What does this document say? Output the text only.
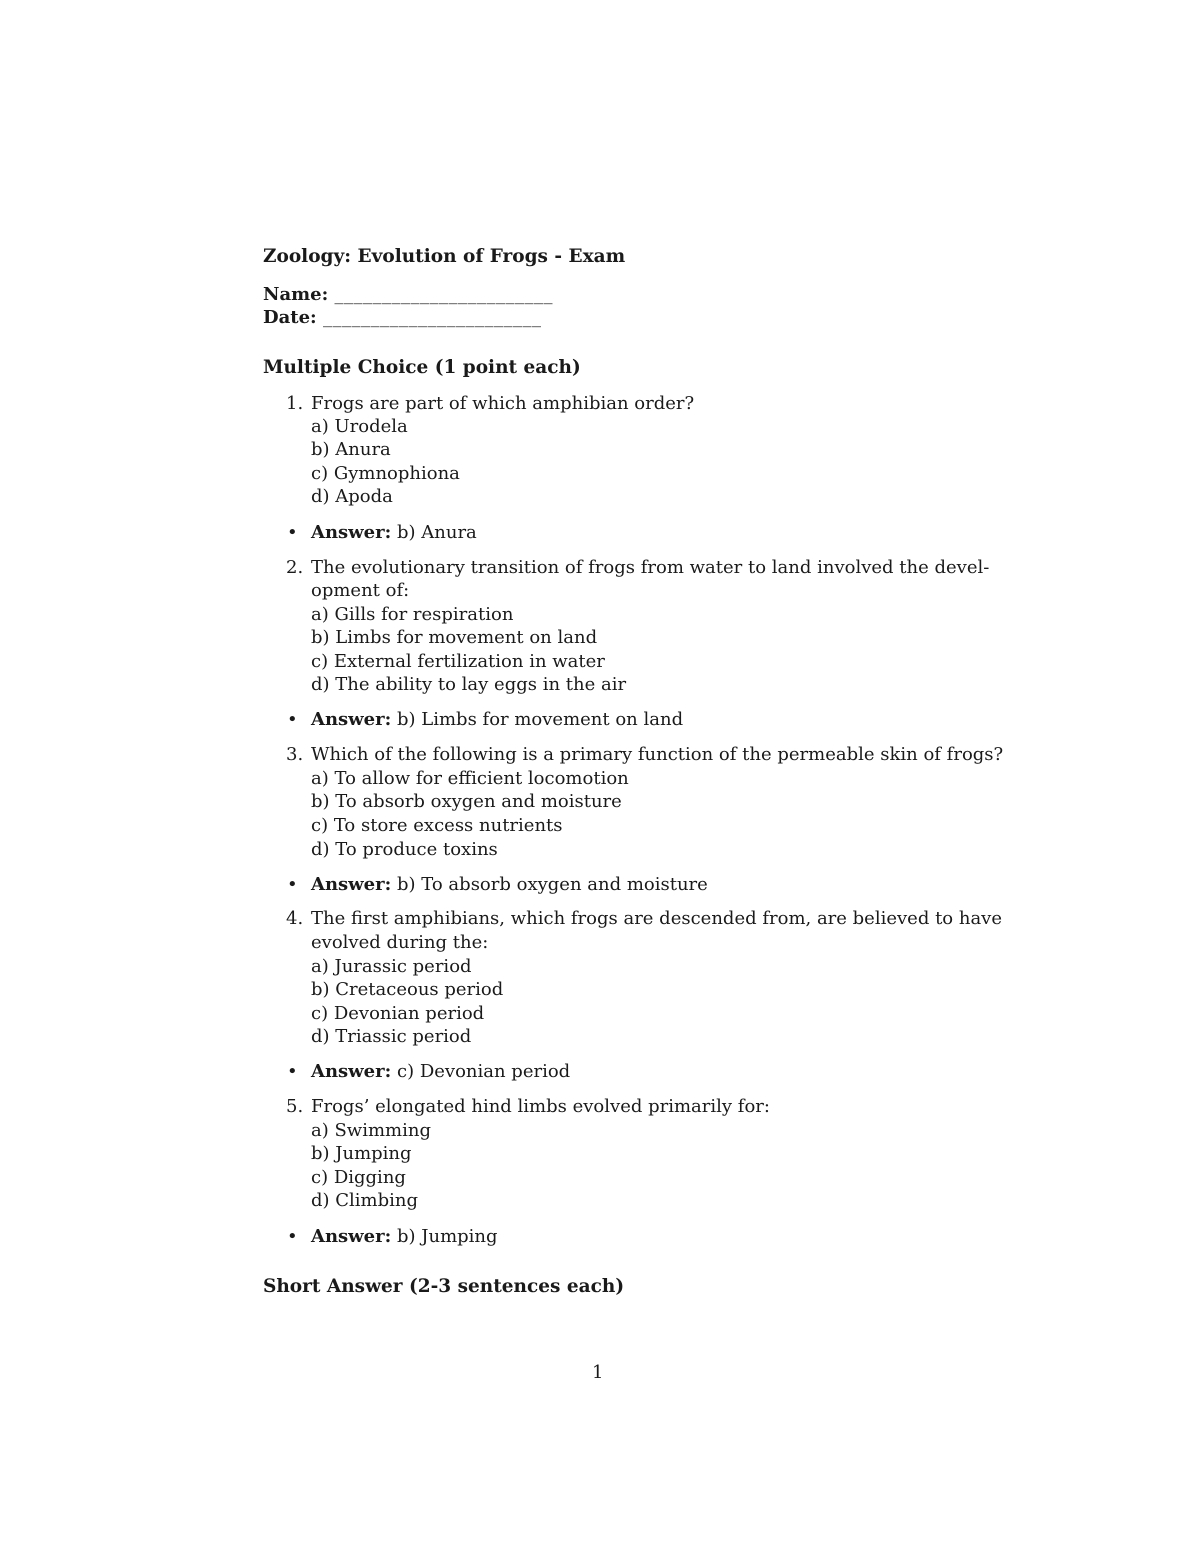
Zoology: Evolution of Frogs - Exam
Name: _______________________
Date: _______________________
Multiple Choice (1 point each)
1. Frogs are part of which amphibian order?
a) Urodela
b) Anura
c) Gymnophiona
d) Apoda
• Answer: b) Anura
2. The evolutionary transition of frogs from water to land involved the devel-
opment of:
a) Gills for respiration
b) Limbs for movement on land
c) External fertilization in water
d) The ability to lay eggs in the air
• Answer: b) Limbs for movement on land
3. Which of the following is a primary function of the permeable skin of frogs?
a) To allow for efficient locomotion
b) To absorb oxygen and moisture
c) To store excess nutrients
d) To produce toxins
• Answer: b) To absorb oxygen and moisture
4. The first amphibians, which frogs are descended from, are believed to have
evolved during the:
a) Jurassic period
b) Cretaceous period
c) Devonian period
d) Triassic period
• Answer: c) Devonian period
5. Frogs’ elongated hind limbs evolved primarily for:
a) Swimming
b) Jumping
c) Digging
d) Climbing
• Answer: b) Jumping
Short Answer (2-3 sentences each)
1
